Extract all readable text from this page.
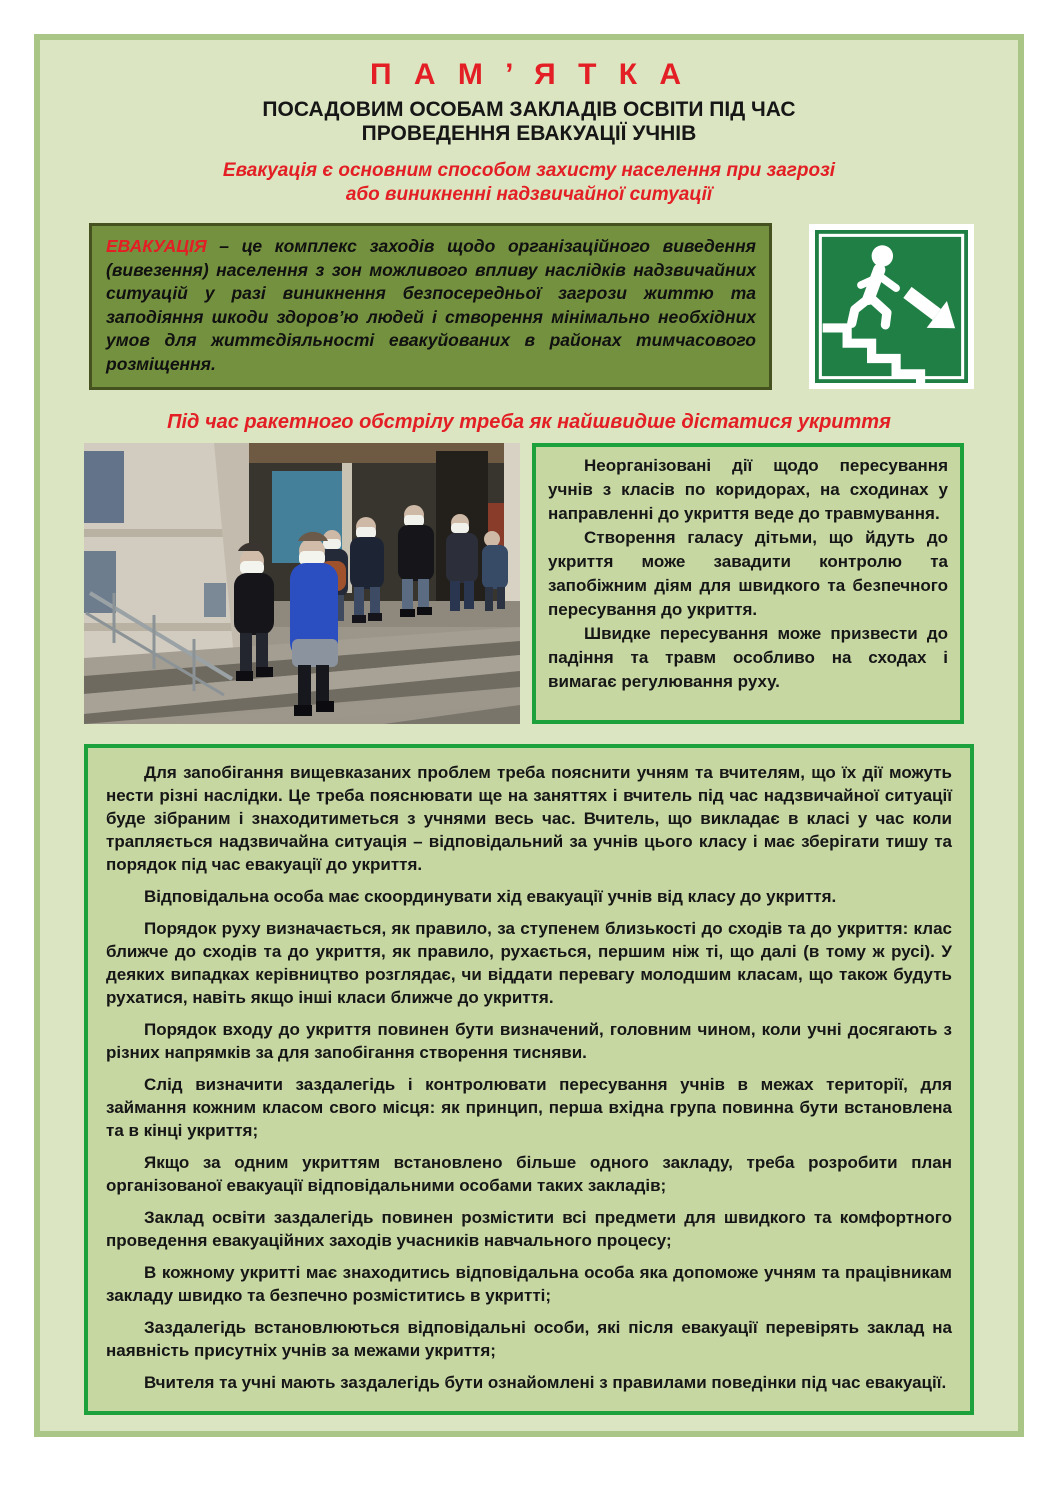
П А М ’ Я Т К А
ПОСАДОВИМ ОСОБАМ ЗАКЛАДІВ ОСВІТИ ПІД ЧАС
ПРОВЕДЕННЯ ЕВАКУАЦІЇ УЧНІВ
Евакуація є основним способом захисту населення при загрозі
або виникненні надзвичайної ситуації
ЕВАКУАЦІЯ – це комплекс заходів щодо організаційного виведення (вивезення) населення з зон можливого впливу наслідків надзвичайних ситуацій у разі виникнення безпосередньої загрози життю та заподіяння шкоди здоров’ю людей і створення мінімально необхідних умов для життєдіяльності евакуйованих в районах тимчасового розміщення.
Під час ракетного обстрілу треба як найшвидше дістатися укриття

Неорганізовані дії щодо пересування учнів з класів по коридорах, на сходинах у направленні до укриття веде до травмування.

Створення галасу дітьми, що йдуть до укриття може завадити контролю та запобіжним діям для швидкого та безпечного пересування до укриття.

Швидке пересування може призвести до падіння та травм особливо на сходах і вимагає регулювання руху.

Для запобігання вищевказаних проблем треба пояснити учням та вчителям, що їх дії можуть нести різні наслідки. Це треба пояснювати ще на заняттях і вчитель під час надзвичайної ситуації буде зібраним і знаходитиметься з учнями весь час. Вчитель, що викладає в класі у час коли трапляється надзвичайна ситуація – відповідальний за учнів цього класу і має зберігати тишу та порядок під час евакуації до укриття.

Відповідальна особа має скоординувати хід евакуації учнів від класу до укриття.

Порядок руху визначається, як правило, за ступенем близькості до сходів та до укриття: клас ближче до сходів та до укриття, як правило, рухається, першим ніж ті, що далі (в тому ж русі). У деяких випадках керівництво розглядає, чи віддати перевагу молодшим класам, що також будуть рухатися, навіть якщо інші класи ближче до укриття.

Порядок входу до укриття повинен бути визначений, головним чином, коли учні досягають з різних напрямків за для запобігання створення тисняви.

Слід визначити заздалегідь і контролювати пересування учнів в межах території, для займання кожним класом свого місця: як принцип, перша вхідна група повинна бути встановлена та в кінці укриття;

Якщо за одним укриттям встановлено більше одного закладу, треба розробити план організованої евакуації відповідальними особами таких закладів;

Заклад освіти заздалегідь повинен розмістити всі предмети для швидкого та комфортного проведення евакуаційних заходів учасників навчального процесу;

В кожному укритті має знаходитись відповідальна особа яка допоможе учням та працівникам закладу швидко та безпечно розміститись в укритті;

Заздалегідь встановлюються відповідальні особи, які після евакуації перевірять заклад на наявність присутніх учнів за межами укриття;

Вчителя та учні мають заздалегідь бути ознайомлені з правилами поведінки під час евакуації.
